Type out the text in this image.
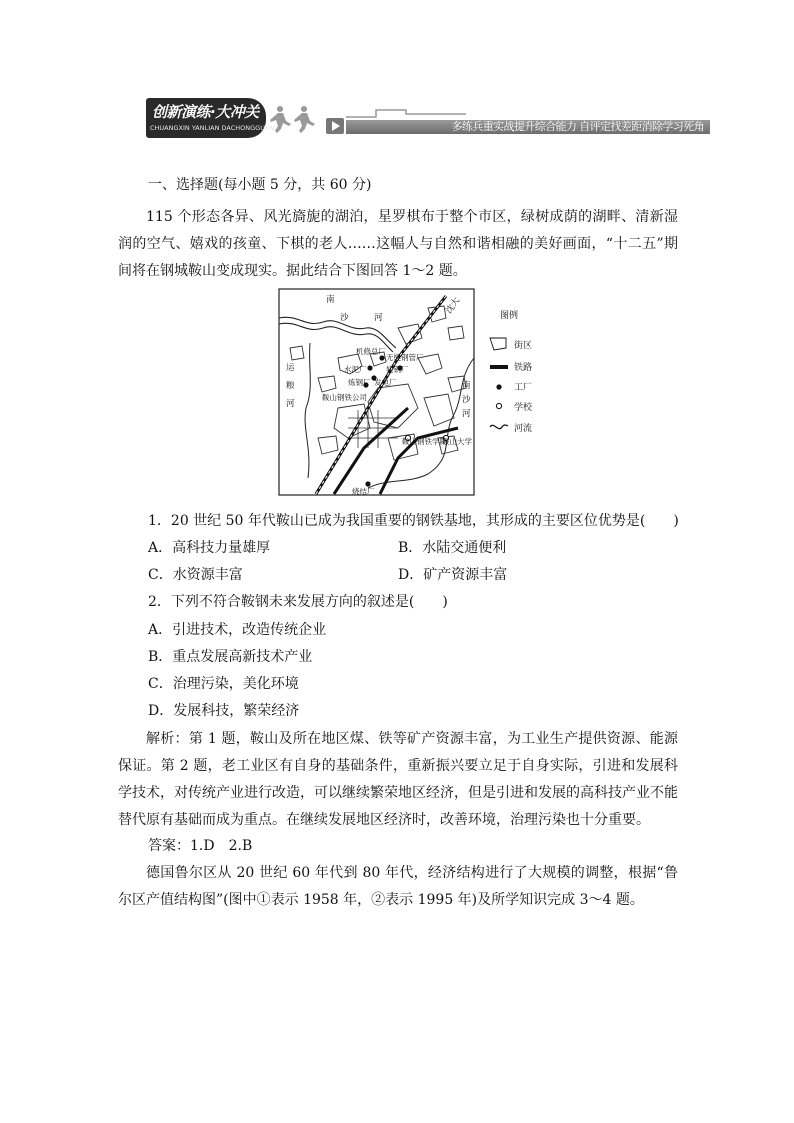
创新演练·大冲关
CHUANGXIN YANLIAN DACHONGGUAN	多练兵重实战提升综合能力 自评定找差距消除学习死角
一、选择题(每小题 5 分，共 60 分)

115 个形态各异、风光旖旎的湖泊，星罗棋布于整个市区，绿树成荫的湖畔、清新湿润的空气、嬉戏的孩童、下棋的老人……这幅人与自然和谐相融的美好画面，“十二五”期间将在钢城鞍山变成现实。据此结合下图回答 1～2 题。

南
沙	河
沈大
运
粮
河
机修总厂
无缝钢管厂
水泥厂	轧钢厂
炼钢厂 发电厂
鞍山钢铁公司
南
沙
河
鞍山钢铁学院
鞍山大学
烧结厂
图例
街区
铁路
工厂
学校
河流
1．20 世纪 50 年代鞍山已成为我国重要的钢铁基地，其形成的主要区位优势是(　　)
A．高科技力量雄厚	B．水陆交通便利
C．水资源丰富	D．矿产资源丰富
2．下列不符合鞍钢未来发展方向的叙述是(　　)
A．引进技术，改造传统企业
B．重点发展高新技术产业
C．治理污染，美化环境
D．发展科技，繁荣经济

解析：第 1 题，鞍山及所在地区煤、铁等矿产资源丰富，为工业生产提供资源、能源保证。第 2 题，老工业区有自身的基础条件，重新振兴要立足于自身实际，引进和发展科学技术，对传统产业进行改造，可以继续繁荣地区经济，但是引进和发展的高科技产业不能替代原有基础而成为重点。在继续发展地区经济时，改善环境，治理污染也十分重要。

答案：1.D　2.B

德国鲁尔区从 20 世纪 60 年代到 80 年代，经济结构进行了大规模的调整，根据“鲁尔区产值结构图”(图中①表示 1958 年，②表示 1995 年)及所学知识完成 3～4 题。
